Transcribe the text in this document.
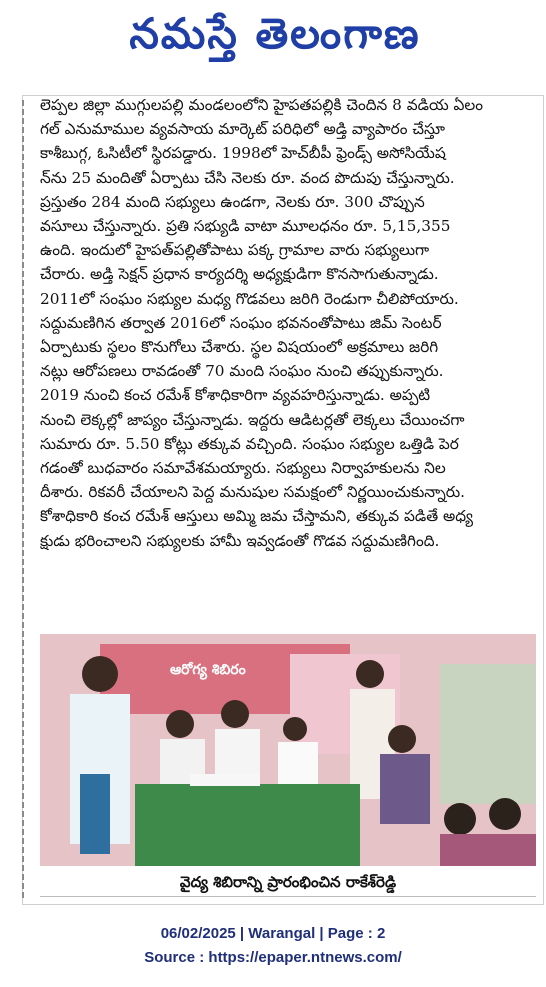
నమస్తే తెలంగాణ

లెప్పల జిల్లా ముగ్గులపల్లి మండలంలోని హైపతపల్లికి చెందిన 8 వడియ ఏలం

గల్ ఎనుమాముల వ్యవసాయ మార్కెట్ పరిధిలో అడ్తి వ్యాపారం చేస్తూ

కాశీబుగ్గ, ఓసిటీలో స్థిరపడ్డారు. 1998లో హెచ్‌బీపీ ఫ్రెండ్స్ అసోసియేష

న్‌ను 25 మందితో ఏర్పాటు చేసి నెలకు రూ. వంద పొదుపు చేస్తున్నారు.

ప్రస్తుతం 284 మంది సభ్యులు ఉండగా, నెలకు రూ. 300 చొప్పున

వసూలు చేస్తున్నారు. ప్రతి సభ్యుడి వాటా మూలధనం రూ. 5,15,355

ఉంది. ఇందులో హైపత్‌పల్లితోపాటు పక్క గ్రామాల వారు సభ్యులుగా

చేరారు. అడ్తి సెక్షన్ ప్రధాన కార్యదర్శి అధ్యక్షుడిగా కొనసాగుతున్నాడు.

2011లో సంఘం సభ్యుల మధ్య గొడవలు జరిగి రెండుగా చీలిపోయారు.

సద్దుమణిగిన తర్వాత 2016లో సంఘం భవనంతోపాటు జిమ్ సెంటర్

ఏర్పాటుకు స్థలం కొనుగోలు చేశారు. స్థల విషయంలో అక్రమాలు జరిగి

నట్లు ఆరోపణలు రావడంతో 70 మంది సంఘం నుంచి తప్పుకున్నారు.

2019 నుంచి కంచ రమేశ్ కోశాధికారిగా వ్యవహరిస్తున్నాడు. అప్పటి

నుంచి లెక్కల్లో జాప్యం చేస్తున్నాడు. ఇద్దరు ఆడిటర్లతో లెక్కలు చేయించగా

సుమారు రూ. 5.50 కోట్లు తక్కువ వచ్చింది. సంఘం సభ్యుల ఒత్తిడి పెర

గడంతో బుధవారం సమావేశమయ్యారు. సభ్యులు నిర్వాహకులను నిల

దీశారు. రికవరీ చేయాలని పెద్ద మనుషుల సమక్షంలో నిర్ణయించుకున్నారు.

కోశాధికారి కంచ రమేశ్ ఆస్తులు అమ్మి జమ చేస్తామని, తక్కువ పడితే అధ్య

క్షుడు భరించాలని సభ్యులకు హామీ ఇవ్వడంతో గొడవ సద్దుమణిగింది.

ఆరోగ్య శిబిరం
వైద్య శిబిరాన్ని ప్రారంభించిన రాకేశ్‌రెడ్డి
06/02/2025 | Warangal | Page : 2
Source : https://epaper.ntnews.com/
